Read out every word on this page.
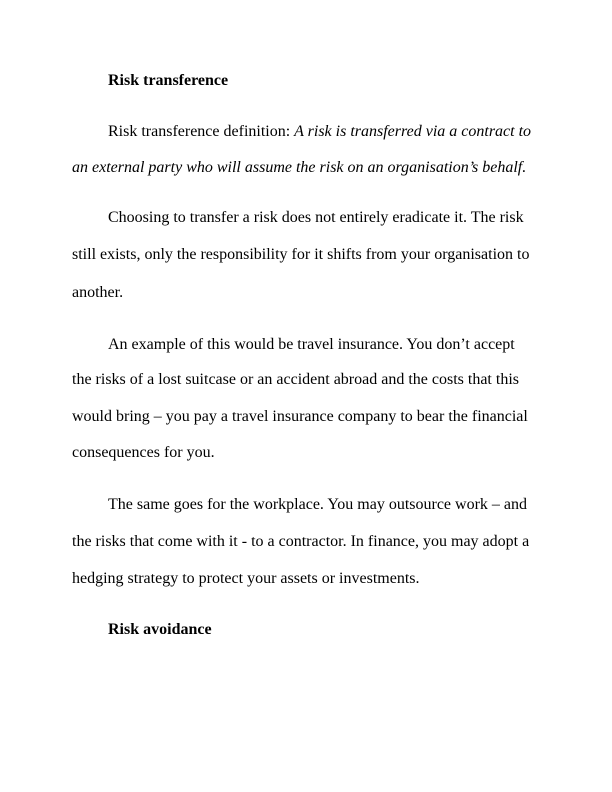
Risk transference

Risk transference definition: A risk is transferred via a contract to

an external party who will assume the risk on an organisation’s behalf.

Choosing to transfer a risk does not entirely eradicate it. The risk

still exists, only the responsibility for it shifts from your organisation to

another.

An example of this would be travel insurance. You don’t accept

the risks of a lost suitcase or an accident abroad and the costs that this

would bring – you pay a travel insurance company to bear the financial

consequences for you.

The same goes for the workplace. You may outsource work – and

the risks that come with it - to a contractor. In finance, you may adopt a

hedging strategy to protect your assets or investments.

Risk avoidance
